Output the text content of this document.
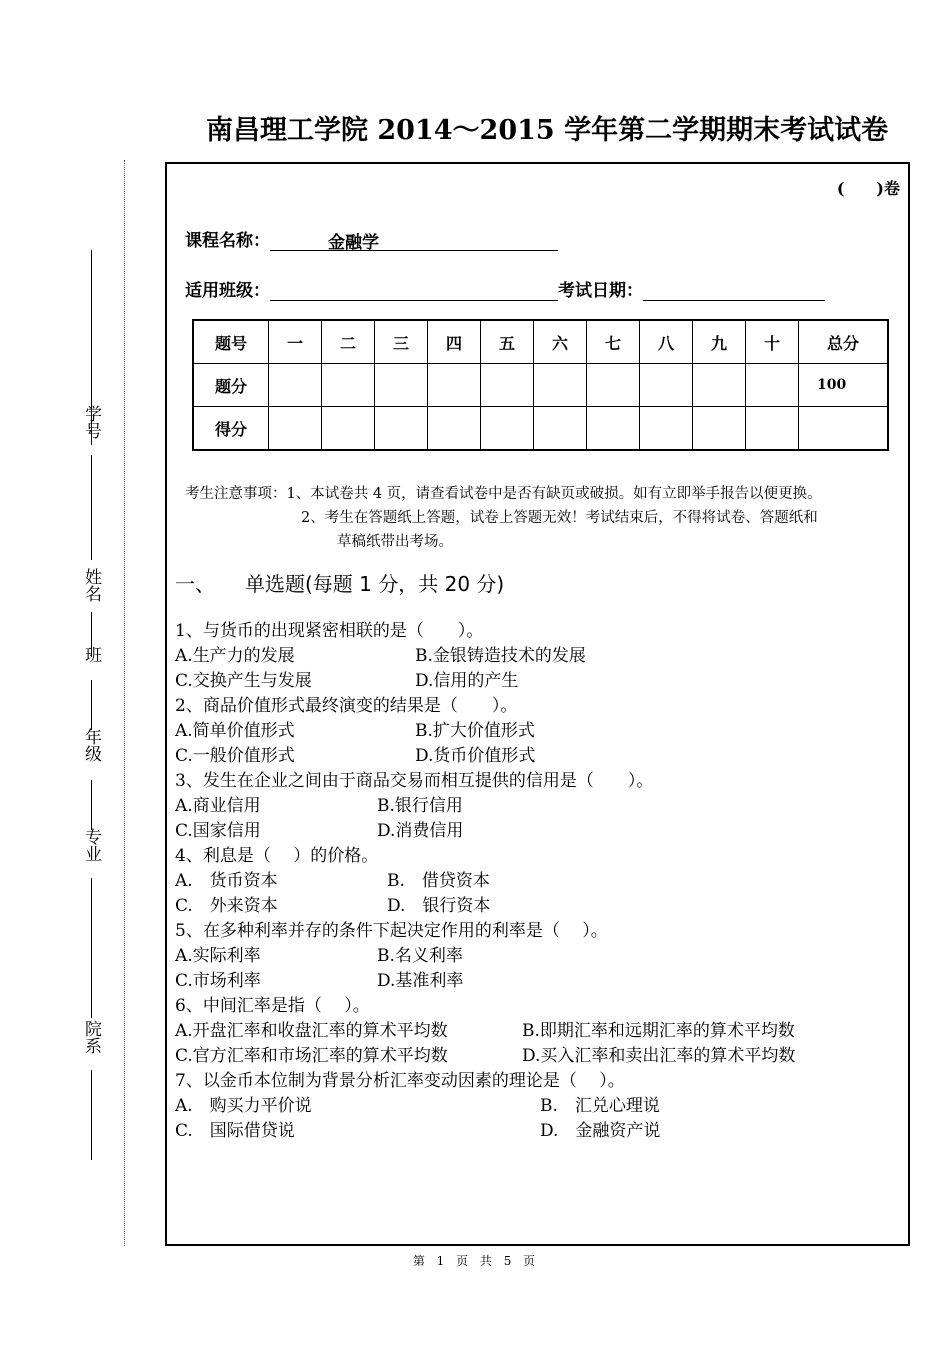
南昌理工学院 2014～2015 学年第二学期期末考试试卷
学号
姓名
班
年级
专业
院系
(　　)卷
课程名称：	金融学
适用班级：	考试日期：
题号	一	二	三	四	五	六	七	八	九	十	总分
题分											100
得分											
考生注意事项：1、本试卷共 4 页，请查看试卷中是否有缺页或破损。如有立即举手报告以便更换。
2、考生在答题纸上答题，试卷上答题无效！考试结束后，不得将试卷、答题纸和
草稿纸带出考场。
一、 单选题(每题 1 分，共 20 分)
1、与货币的出现紧密相联的是（　　）。
A.生产力的发展	B.金银铸造技术的发展
C.交换产生与发展	D.信用的产生
2、商品价值形式最终演变的结果是（　　）。
A.简单价值形式	B.扩大价值形式
C.一般价值形式	D.货币价值形式
3、发生在企业之间由于商品交易而相互提供的信用是（　　）。
A.商业信用	B.银行信用
C.国家信用	D.消费信用
4、利息是（　 ）的价格。
A.　货币资本	B.　借贷资本
C.　外来资本	D.　银行资本
5、在多种利率并存的条件下起决定作用的利率是（　 ）。
A.实际利率	B.名义利率
C.市场利率	D.基准利率
6、中间汇率是指（　 ）。
A.开盘汇率和收盘汇率的算术平均数	B.即期汇率和远期汇率的算术平均数
C.官方汇率和市场汇率的算术平均数	D.买入汇率和卖出汇率的算术平均数
7、以金币本位制为背景分析汇率变动因素的理论是（　 ）。
A.　购买力平价说	B.　汇兑心理说
C.　国际借贷说	D.　金融资产说
第 1 页 共 5 页
